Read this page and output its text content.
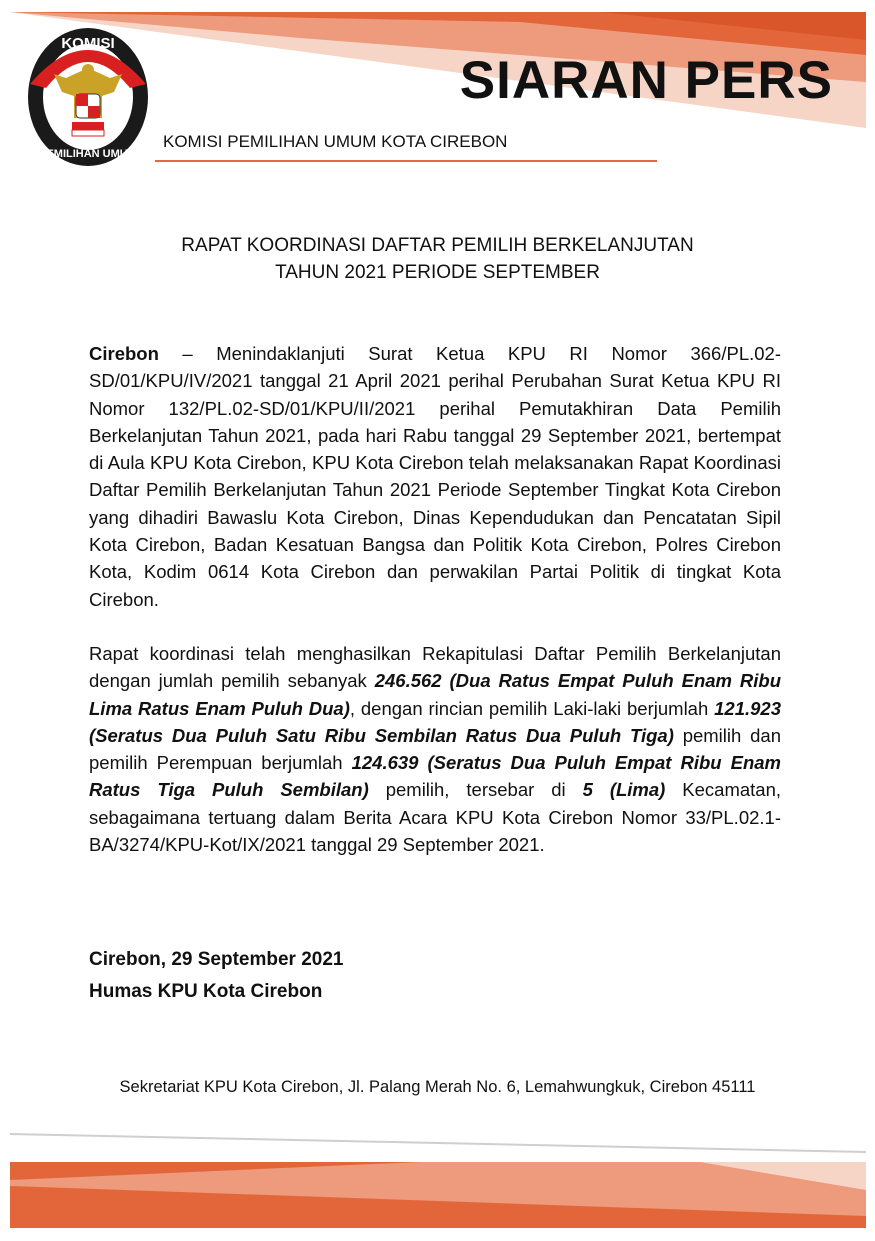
KOMISI
PEMILIHAN UMUM
SIARAN PERS
KOMISI PEMILIHAN UMUM KOTA CIREBON
RAPAT KOORDINASI DAFTAR PEMILIH BERKELANJUTAN
TAHUN 2021 PERIODE SEPTEMBER

Cirebon – Menindaklanjuti Surat Ketua KPU RI Nomor 366/PL.02-SD/01/KPU/IV/2021 tanggal 21 April 2021 perihal Perubahan Surat Ketua KPU RI Nomor 132/PL.02-SD/01/KPU/II/2021 perihal Pemutakhiran Data Pemilih Berkelanjutan Tahun 2021, pada hari Rabu tanggal 29 September 2021, bertempat di Aula KPU Kota Cirebon, KPU Kota Cirebon telah melaksanakan Rapat Koordinasi Daftar Pemilih Berkelanjutan Tahun 2021 Periode September Tingkat Kota Cirebon yang dihadiri Bawaslu Kota Cirebon, Dinas Kependudukan dan Pencatatan Sipil Kota Cirebon, Badan Kesatuan Bangsa dan Politik Kota Cirebon, Polres Cirebon Kota, Kodim 0614 Kota Cirebon dan perwakilan Partai Politik di tingkat Kota Cirebon.

Rapat koordinasi telah menghasilkan Rekapitulasi Daftar Pemilih Berkelanjutan dengan jumlah pemilih sebanyak 246.562 (Dua Ratus Empat Puluh Enam Ribu Lima Ratus Enam Puluh Dua), dengan rincian pemilih Laki-laki berjumlah 121.923 (Seratus Dua Puluh Satu Ribu Sembilan Ratus Dua Puluh Tiga) pemilih dan pemilih Perempuan berjumlah 124.639 (Seratus Dua Puluh Empat Ribu Enam Ratus Tiga Puluh Sembilan) pemilih, tersebar di 5 (Lima) Kecamatan, sebagaimana tertuang dalam Berita Acara KPU Kota Cirebon Nomor 33/PL.02.1-BA/3274/KPU-Kot/IX/2021 tanggal 29 September 2021.

Cirebon, 29 September 2021
Humas KPU Kota Cirebon
Sekretariat KPU Kota Cirebon, Jl. Palang Merah No. 6, Lemahwungkuk, Cirebon 45111
